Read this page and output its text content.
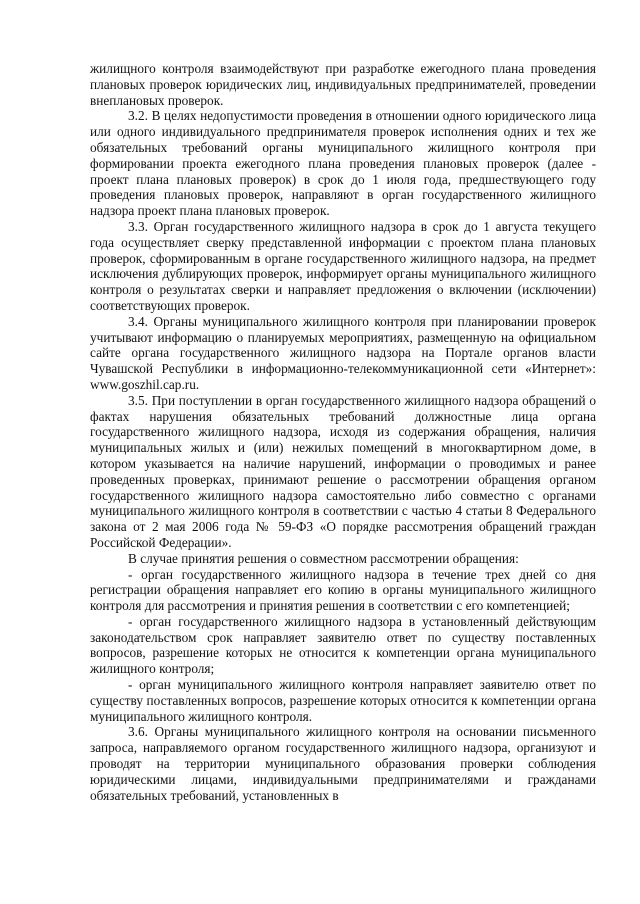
жилищного контроля взаимодействуют при разработке ежегодного плана проведения плановых проверок юридических лиц, индивидуальных предпринимателей, проведении внеплановых проверок.

3.2. В целях недопустимости проведения в отношении одного юридического лица или одного индивидуального предпринимателя проверок исполнения одних и тех же обязательных требований органы муниципального жилищного контроля при формировании проекта ежегодного плана проведения плановых проверок (далее - проект плана плановых проверок) в срок до 1 июля года, предшествующего году проведения плановых проверок, направляют в орган государственного жилищного надзора проект плана плановых проверок.

3.3. Орган государственного жилищного надзора в срок до 1 августа текущего года осуществляет сверку представленной информации с проектом плана плановых проверок, сформированным в органе государственного жилищного надзора, на предмет исключения дублирующих проверок, информирует органы муниципального жилищного контроля о результатах сверки и направляет предложения о включении (исключении) соответствующих проверок.

3.4. Органы муниципального жилищного контроля при планировании проверок учитывают информацию о планируемых мероприятиях, размещенную на официальном сайте органа государственного жилищного надзора на Портале органов власти Чувашской Республики в информационно-телекоммуникационной сети «Интернет»: www.goszhil.cap.ru.

3.5. При поступлении в орган государственного жилищного надзора обращений о фактах нарушения обязательных требований должностные лица органа государственного жилищного надзора, исходя из содержания обращения, наличия муниципальных жилых и (или) нежилых помещений в многоквартирном доме, в котором указывается на наличие нарушений, информации о проводимых и ранее проведенных проверках, принимают решение о рассмотрении обращения органом государственного жилищного надзора самостоятельно либо совместно с органами муниципального жилищного контроля в соответствии с частью 4 статьи 8 Федерального закона от 2 мая 2006 года № 59-ФЗ «О порядке рассмотрения обращений граждан Российской Федерации».

В случае принятия решения о совместном рассмотрении обращения:

- орган государственного жилищного надзора в течение трех дней со дня регистрации обращения направляет его копию в органы муниципального жилищного контроля для рассмотрения и принятия решения в соответствии с его компетенцией;

- орган государственного жилищного надзора в установленный действующим законодательством срок направляет заявителю ответ по существу поставленных вопросов, разрешение которых не относится к компетенции органа муниципального жилищного контроля;

- орган муниципального жилищного контроля направляет заявителю ответ по существу поставленных вопросов, разрешение которых относится к компетенции органа муниципального жилищного контроля.

3.6. Органы муниципального жилищного контроля на основании письменного запроса, направляемого органом государственного жилищного надзора, организуют и проводят на территории муниципального образования проверки соблюдения юридическими лицами, индивидуальными предпринимателями и гражданами обязательных требований, установленных в
